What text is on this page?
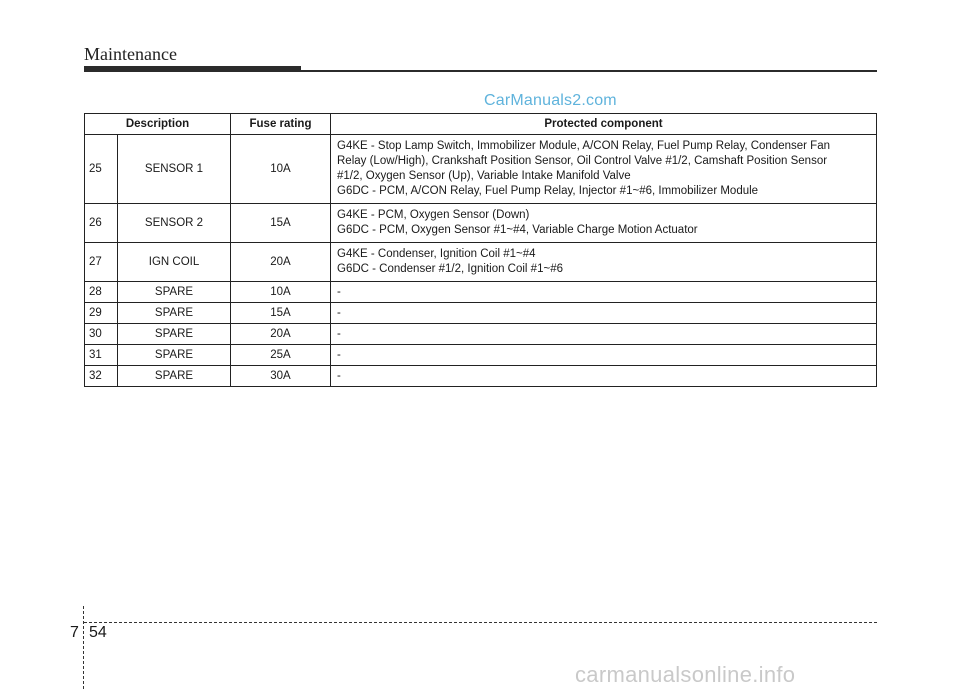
Maintenance
CarManuals2.com
Description		Fuse rating	Protected component
25	SENSOR 1	10A	G4KE - Stop Lamp Switch, Immobilizer Module, A/CON Relay, Fuel Pump Relay, Condenser Fan
Relay (Low/High), Crankshaft Position Sensor, Oil Control Valve #1/2, Camshaft Position Sensor
#1/2, Oxygen Sensor (Up), Variable Intake Manifold Valve
G6DC - PCM, A/CON Relay, Fuel Pump Relay, Injector #1~#6, Immobilizer Module

26	SENSOR 2	15A	G4KE - PCM, Oxygen Sensor (Down)
G6DC - PCM, Oxygen Sensor #1~#4, Variable Charge Motion Actuator

27	IGN COIL	20A	G4KE - Condenser, Ignition Coil #1~#4
G6DC - Condenser #1/2, Ignition Coil #1~#6

28	SPARE	10A	-
29	SPARE	15A	-
30	SPARE	20A	-
31	SPARE	25A	-
32	SPARE	30A	-
7 54
carmanualsonline.info
